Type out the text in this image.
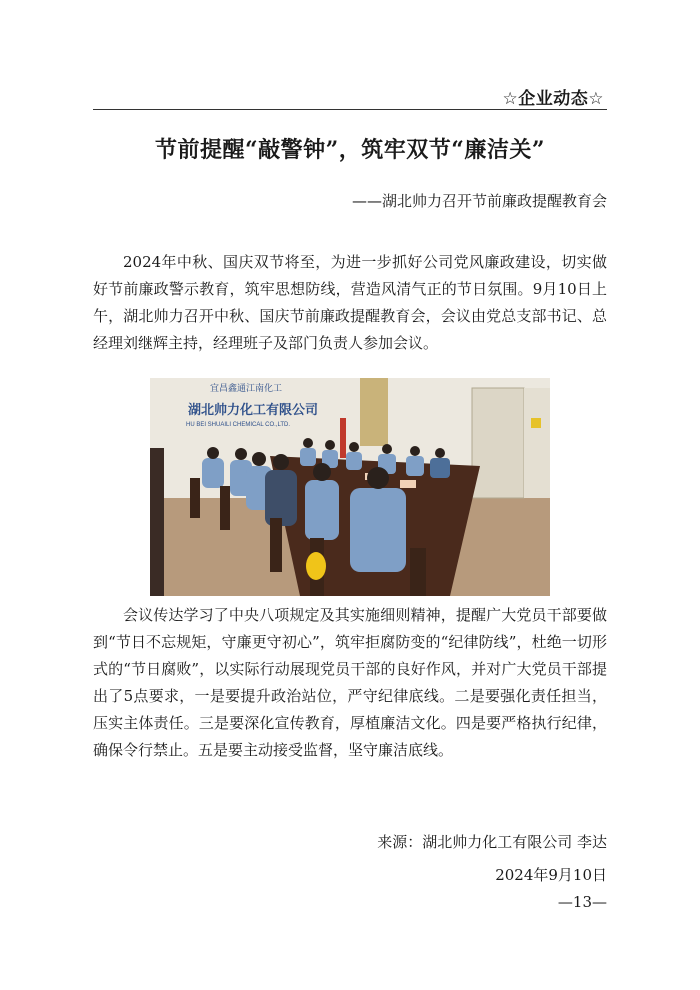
☆企业动态☆
节前提醒“敲警钟”，筑牢双节“廉洁关”
——湖北帅力召开节前廉政提醒教育会

2024年中秋、国庆双节将至，为进一步抓好公司党风廉政建设，切实做好节前廉政警示教育，筑牢思想防线，营造风清气正的节日氛围。9月10日上午，湖北帅力召开中秋、国庆节前廉政提醒教育会，会议由党总支部书记、总经理刘继辉主持，经理班子及部门负责人参加会议。

宜昌鑫通江南化工
湖北帅力化工有限公司
HU BEI SHUAILI CHEMICAL CO.,LTD.

会议传达学习了中央八项规定及其实施细则精神，提醒广大党员干部要做到“节日不忘规矩，守廉更守初心”，筑牢拒腐防变的“纪律防线”，杜绝一切形式的“节日腐败”，以实际行动展现党员干部的良好作风，并对广大党员干部提出了5点要求，一是要提升政治站位，严守纪律底线。二是要强化责任担当，压实主体责任。三是要深化宣传教育，厚植廉洁文化。四是要严格执行纪律，确保令行禁止。五是要主动接受监督，坚守廉洁底线。

来源：湖北帅力化工有限公司 李达
2024年9月10日
—13—
